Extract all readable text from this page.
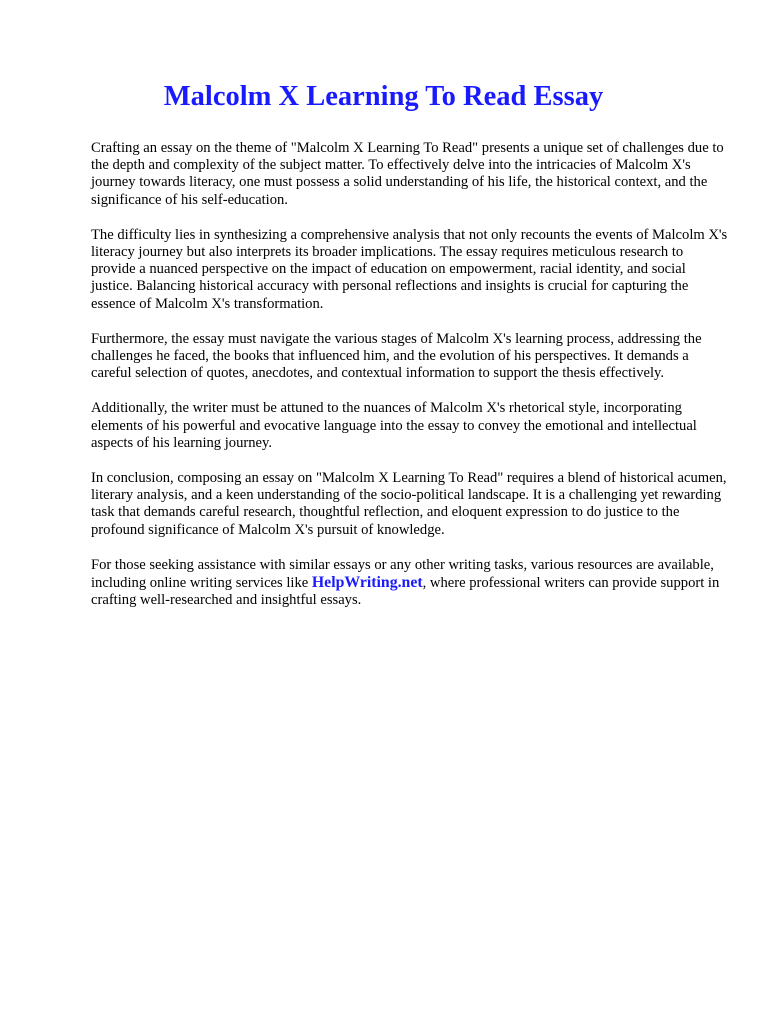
Malcolm X Learning To Read Essay

Crafting an essay on the theme of "Malcolm X Learning To Read" presents a unique set of challenges due to the depth and complexity of the subject matter. To effectively delve into the intricacies of Malcolm X's journey towards literacy, one must possess a solid understanding of his life, the historical context, and the significance of his self-education.

The difficulty lies in synthesizing a comprehensive analysis that not only recounts the events of Malcolm X's literacy journey but also interprets its broader implications. The essay requires meticulous research to provide a nuanced perspective on the impact of education on empowerment, racial identity, and social justice. Balancing historical accuracy with personal reflections and insights is crucial for capturing the essence of Malcolm X's transformation.

Furthermore, the essay must navigate the various stages of Malcolm X's learning process, addressing the challenges he faced, the books that influenced him, and the evolution of his perspectives. It demands a careful selection of quotes, anecdotes, and contextual information to support the thesis effectively.

Additionally, the writer must be attuned to the nuances of Malcolm X's rhetorical style, incorporating elements of his powerful and evocative language into the essay to convey the emotional and intellectual aspects of his learning journey.

In conclusion, composing an essay on "Malcolm X Learning To Read" requires a blend of historical acumen, literary analysis, and a keen understanding of the socio-political landscape. It is a challenging yet rewarding task that demands careful research, thoughtful reflection, and eloquent expression to do justice to the profound significance of Malcolm X's pursuit of knowledge.

For those seeking assistance with similar essays or any other writing tasks, various resources are available, including online writing services like HelpWriting.net, where professional writers can provide support in crafting well-researched and insightful essays.
